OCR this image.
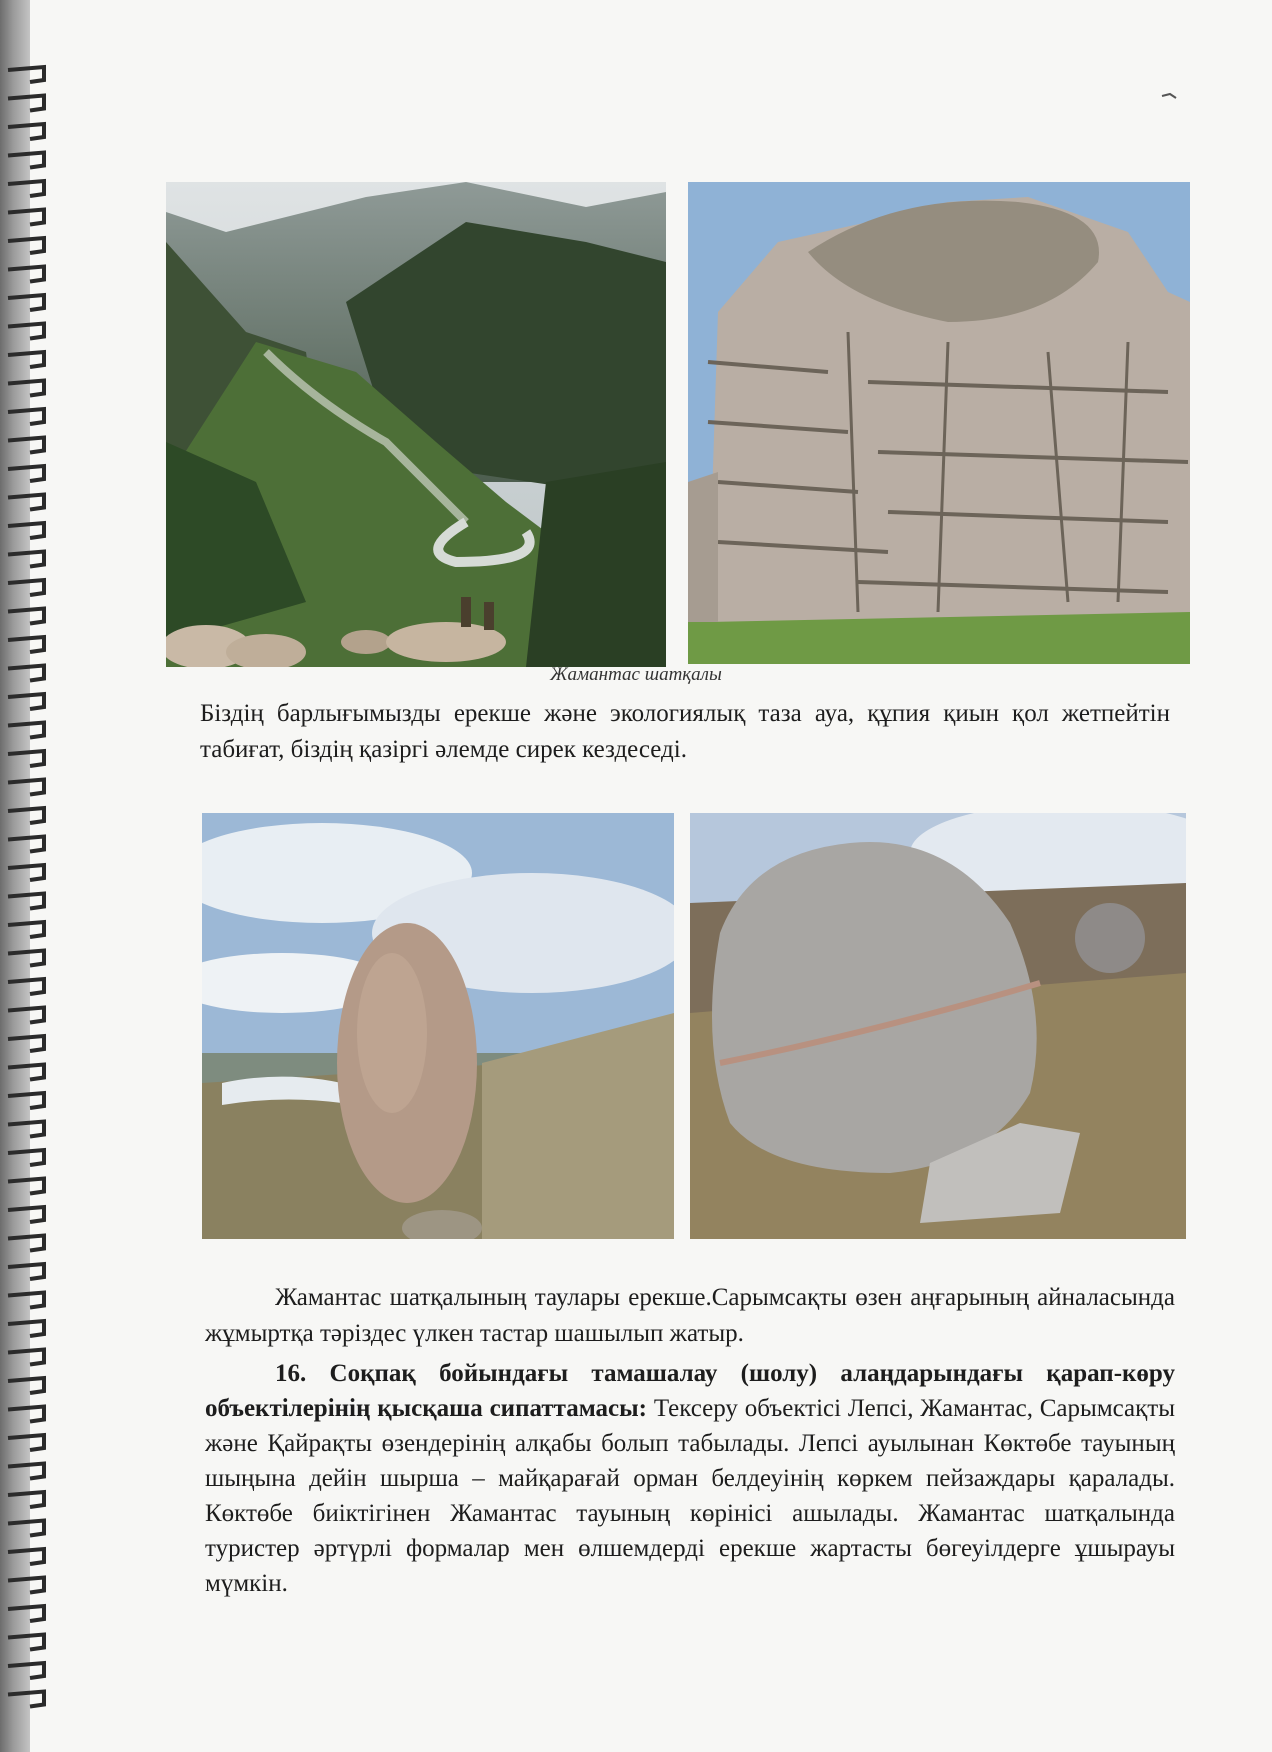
Жамантас шатқалы

Біздің барлығымызды ерекше және экологиялық таза ауа, құпия қиын қол жетпейтін табиғат, біздің қазіргі әлемде сирек кездеседі.

Жамантас шатқалының таулары ерекше.Сарымсақты өзен аңғарының айналасында жұмыртқа тәріздес үлкен тастар шашылып жатыр.

16. Соқпақ бойындағы тамашалау (шолу) алаңдарындағы қарап-көру объектілерінің қысқаша сипаттамасы: Тексеру объектісі Лепсі, Жамантас, Сарымсақты және Қайрақты өзендерінің алқабы болып табылады. Лепсі ауылынан Көктөбе тауының шыңына дейін шырша – майқарағай орман белдеуінің көркем пейзаждары қаралады. Көктөбе биіктігінен Жамантас тауының көрінісі ашылады. Жамантас шатқалында туристер әртүрлі формалар мен өлшемдерді ерекше жартасты бөгеуілдерге ұшырауы мүмкін.
